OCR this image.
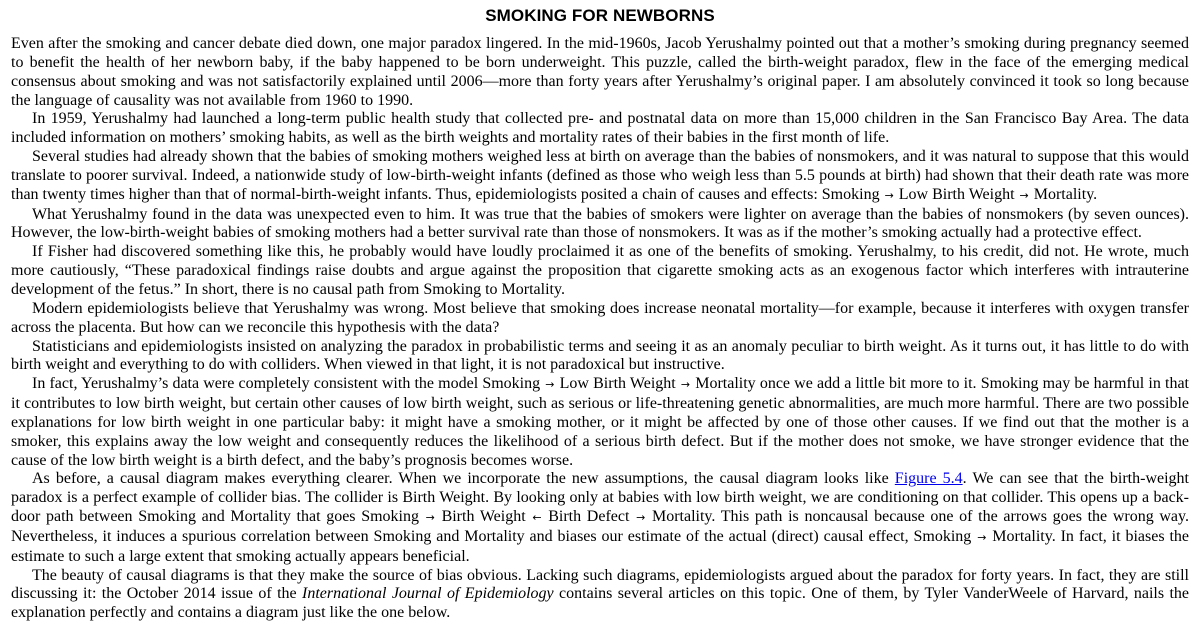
SMOKING FOR NEWBORNS

Even after the smoking and cancer debate died down, one major paradox lingered. In the mid-1960s, Jacob Yerushalmy pointed out that a mother’s smoking during pregnancy seemed to benefit the health of her newborn baby, if the baby happened to be born underweight. This puzzle, called the birth-weight paradox, flew in the face of the emerging medical consensus about smoking and was not satisfactorily explained until 2006—more than forty years after Yerushalmy’s original paper. I am absolutely convinced it took so long because the language of causality was not available from 1960 to 1990.

In 1959, Yerushalmy had launched a long-term public health study that collected pre- and postnatal data on more than 15,000 children in the San Francisco Bay Area. The data included information on mothers’ smoking habits, as well as the birth weights and mortality rates of their babies in the first month of life.

Several studies had already shown that the babies of smoking mothers weighed less at birth on average than the babies of nonsmokers, and it was natural to suppose that this would translate to poorer survival. Indeed, a nationwide study of low-birth-weight infants (defined as those who weigh less than 5.5 pounds at birth) had shown that their death rate was more than twenty times higher than that of normal-birth-weight infants. Thus, epidemiologists posited a chain of causes and effects: Smoking → Low Birth Weight → Mortality.

What Yerushalmy found in the data was unexpected even to him. It was true that the babies of smokers were lighter on average than the babies of nonsmokers (by seven ounces). However, the low-birth-weight babies of smoking mothers had a better survival rate than those of nonsmokers. It was as if the mother’s smoking actually had a protective effect.

If Fisher had discovered something like this, he probably would have loudly proclaimed it as one of the benefits of smoking. Yerushalmy, to his credit, did not. He wrote, much more cautiously, “These paradoxical findings raise doubts and argue against the proposition that cigarette smoking acts as an exogenous factor which interferes with intrauterine development of the fetus.” In short, there is no causal path from Smoking to Mortality.

Modern epidemiologists believe that Yerushalmy was wrong. Most believe that smoking does increase neonatal mortality—for example, because it interferes with oxygen transfer across the placenta. But how can we reconcile this hypothesis with the data?

Statisticians and epidemiologists insisted on analyzing the paradox in probabilistic terms and seeing it as an anomaly peculiar to birth weight. As it turns out, it has little to do with birth weight and everything to do with colliders. When viewed in that light, it is not paradoxical but instructive.

In fact, Yerushalmy’s data were completely consistent with the model Smoking → Low Birth Weight → Mortality once we add a little bit more to it. Smoking may be harmful in that it contributes to low birth weight, but certain other causes of low birth weight, such as serious or life-threatening genetic abnormalities, are much more harmful. There are two possible explanations for low birth weight in one particular baby: it might have a smoking mother, or it might be affected by one of those other causes. If we find out that the mother is a smoker, this explains away the low weight and consequently reduces the likelihood of a serious birth defect. But if the mother does not smoke, we have stronger evidence that the cause of the low birth weight is a birth defect, and the baby’s prognosis becomes worse.

As before, a causal diagram makes everything clearer. When we incorporate the new assumptions, the causal diagram looks like Figure 5.4. We can see that the birth-weight paradox is a perfect example of collider bias. The collider is Birth Weight. By looking only at babies with low birth weight, we are conditioning on that collider. This opens up a back-door path between Smoking and Mortality that goes Smoking → Birth Weight ← Birth Defect → Mortality. This path is noncausal because one of the arrows goes the wrong way. Nevertheless, it induces a spurious correlation between Smoking and Mortality and biases our estimate of the actual (direct) causal effect, Smoking → Mortality. In fact, it biases the estimate to such a large extent that smoking actually appears beneficial.

The beauty of causal diagrams is that they make the source of bias obvious. Lacking such diagrams, epidemiologists argued about the paradox for forty years. In fact, they are still discussing it: the October 2014 issue of the International Journal of Epidemiology contains several articles on this topic. One of them, by Tyler VanderWeele of Harvard, nails the explanation perfectly and contains a diagram just like the one below.
